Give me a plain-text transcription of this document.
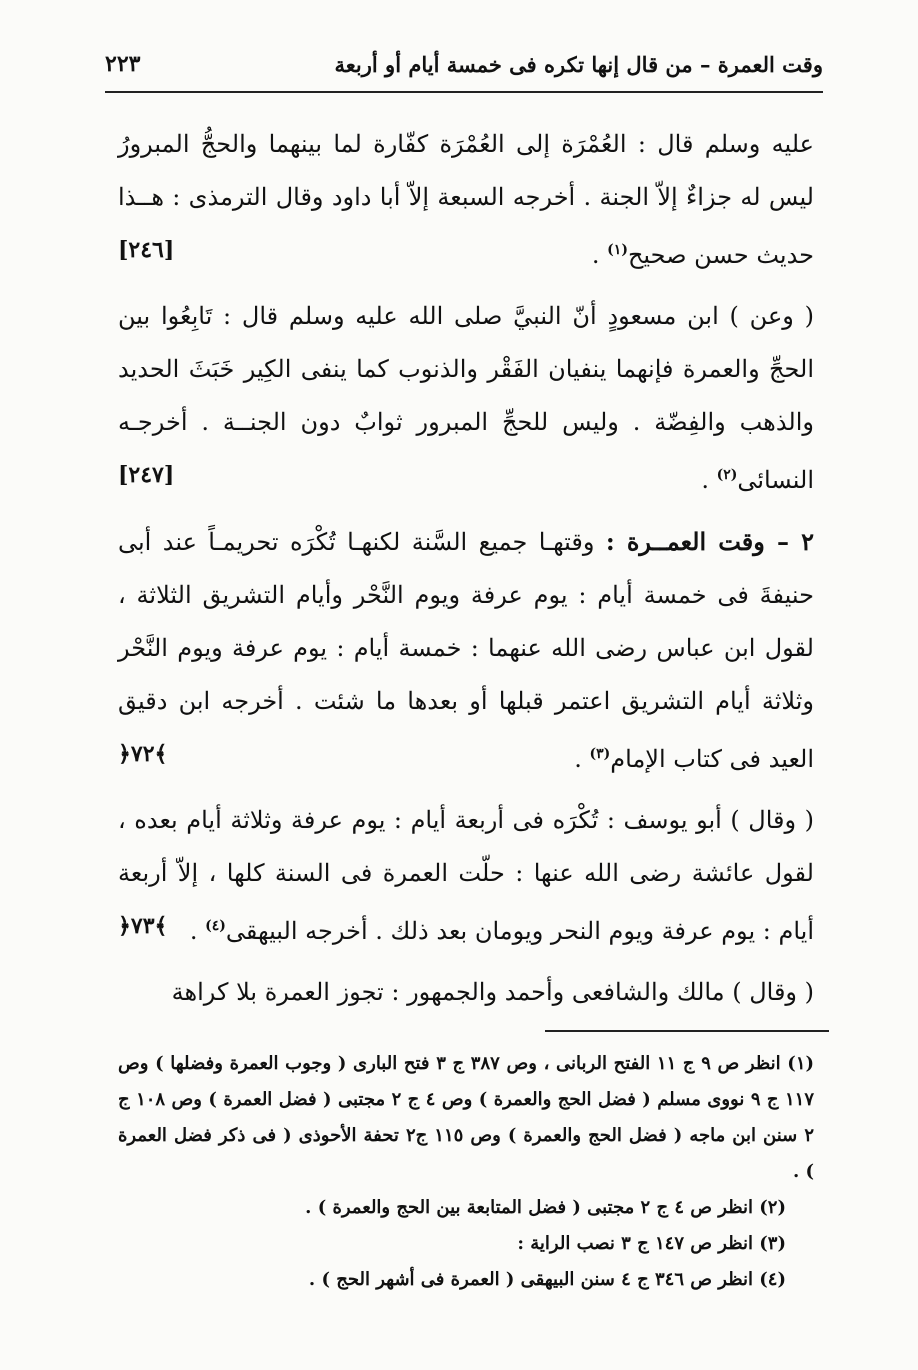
وقت العمرة – من قال إنها تكره فى خمسة أيام أو أربعة
٢٢٣

عليه وسلم قال : العُمْرَة إلى العُمْرَة كفّارة لما بينهما والحجُّ المبرورُ ليس له جزاءٌ إلاّ الجنة . أخرجه السبعة إلاّ أبا داود وقال الترمذى : هــذا حديث حسن صحيح$^{(١)}$ .
[٢٤٦]

( وعن ) ابن مسعودٍ أنّ النبيَّ صلى الله عليه وسلم قال : تَابِعُوا بين الحجِّ والعمرة فإنهما ينفيان الفَقْر والذنوب كما ينفى الكِير خَبَثَ الحديد والذهب والفِضّة . وليس للحجِّ المبرور ثوابٌ دون الجنــة . أخرجـه النسائى$^{(٢)}$ .
[٢٤٧]

٢ – وقت العمــرة : وقتهـا جميع السَّنة لكنهـا تُكْرَه تحريمـاً عند أبى حنيفةَ فى خمسة أيام : يوم عرفة ويوم النَّحْر وأيام التشريق الثلاثة ، لقول ابن عباس رضى الله عنهما : خمسة أيام : يوم عرفة ويوم النَّحْر وثلاثة أيام التشريق اعتمر قبلها أو بعدها ما شئت . أخرجه ابن دقيق العيد فى كتاب الإمام$^{(٣)}$ .
﴿٧٢﴾

( وقال ) أبو يوسف : تُكْرَه فى أربعة أيام : يوم عرفة وثلاثة أيام بعده ، لقول عائشة رضى الله عنها : حلّت العمرة فى السنة كلها ، إلاّ أربعة أيام : يوم عرفة ويوم النحر ويومان بعد ذلك . أخرجه البيهقى$^{(٤)}$ .
﴿٧٣﴾

( وقال ) مالك والشافعى وأحمد والجمهور : تجوز العمرة بلا كراهة

(١) انظر ص ٩ ج ١١ الفتح الربانى ، وص ٣٨٧ ج ٣ فتح البارى ( وجوب العمرة وفضلها ) وص ١١٧ ج ٩ نووى مسلم ( فضل الحج والعمرة ) وص ٤ ج ٢ مجتبى ( فضل العمرة ) وص ١٠٨ ج ٢ سنن ابن ماجه ( فضل الحج والعمرة ) وص ١١٥ ج٢ تحفة الأحوذى ( فى ذكر فضل العمرة ) .

(٢) انظر ص ٤ ج ٢ مجتبى ( فضل المتابعة بين الحج والعمرة ) .

(٣) انظر ص ١٤٧ ج ٣ نصب الراية :

(٤) انظر ص ٣٤٦ ج ٤ سنن البيهقى ( العمرة فى أشهر الحج ) .
